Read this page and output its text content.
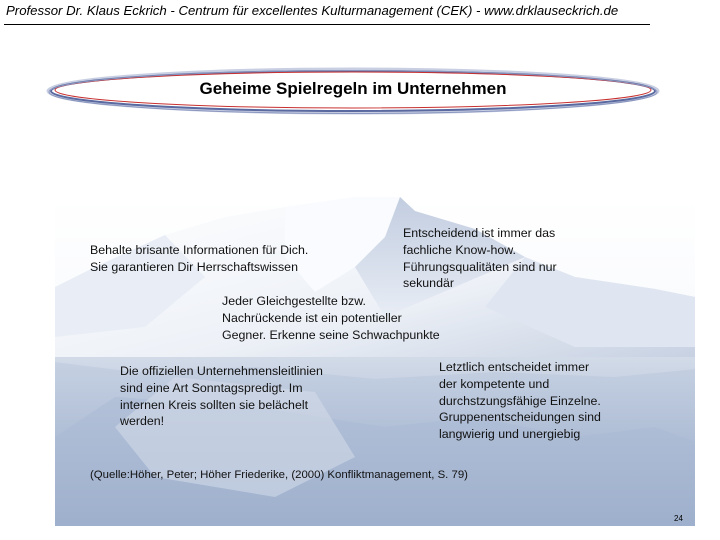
Professor Dr. Klaus Eckrich - Centrum für excellentes Kulturmanagement (CEK) - www.drklauseckrich.de
Geheime Spielregeln im Unternehmen
Behalte brisante Informationen für Dich.
Sie garantieren Dir Herrschaftswissen
Entscheidend ist immer das
fachliche Know-how.
Führungsqualitäten sind nur
sekundär
Jeder Gleichgestellte bzw.
Nachrückende ist ein potentieller
Gegner. Erkenne seine Schwachpunkte
Die offiziellen Unternehmensleitlinien
sind eine Art Sonntagspredigt. Im
internen Kreis sollten sie belächelt
werden!
Letztlich entscheidet immer
der kompetente und
durchstzungsfähige Einzelne.
Gruppenentscheidungen sind
langwierig und unergiebig
(Quelle:Höher, Peter; Höher Friederike, (2000) Konfliktmanagement, S. 79)
24
